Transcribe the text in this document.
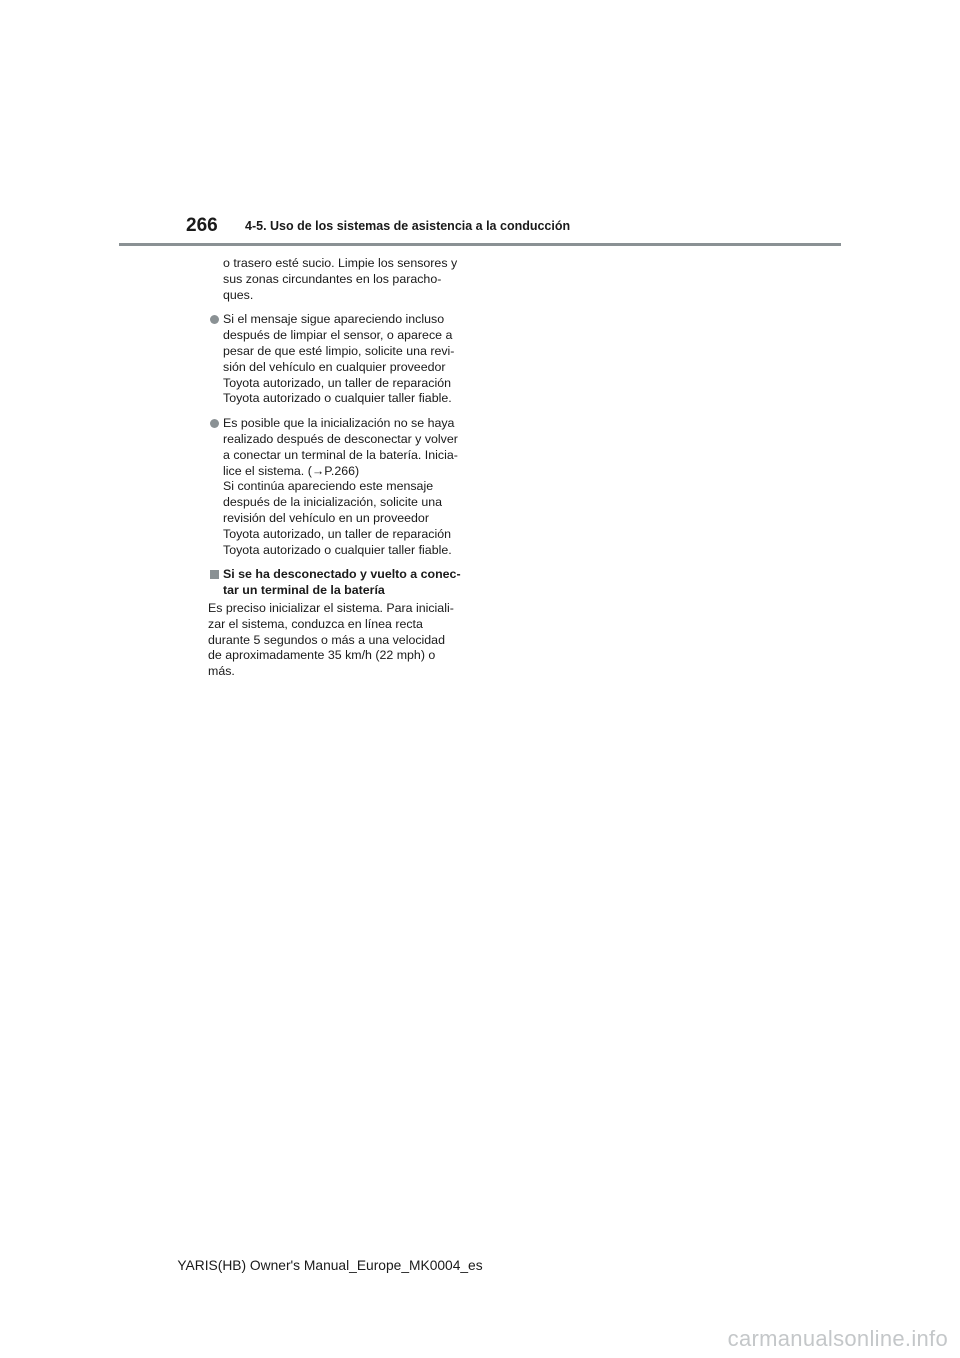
266 4-5. Uso de los sistemas de asistencia a la conducción

o trasero esté sucio. Limpie los sensores y
sus zonas circundantes en los paracho-
ques.

Si el mensaje sigue apareciendo incluso
después de limpiar el sensor, o aparece a
pesar de que esté limpio, solicite una revi-
sión del vehículo en cualquier proveedor
Toyota autorizado, un taller de reparación
Toyota autorizado o cualquier taller fiable.
Es posible que la inicialización no se haya
realizado después de desconectar y volver
a conectar un terminal de la batería. Inicia-
lice el sistema. (→P.266)
Si continúa apareciendo este mensaje
después de la inicialización, solicite una
revisión del vehículo en un proveedor
Toyota autorizado, un taller de reparación
Toyota autorizado o cualquier taller fiable.
Si se ha desconectado y vuelto a conec-
tar un terminal de la batería

Es preciso inicializar el sistema. Para iniciali-
zar el sistema, conduzca en línea recta
durante 5 segundos o más a una velocidad
de aproximadamente 35 km/h (22 mph) o
más.

YARIS(HB) Owner's Manual_Europe_MK0004_es
carmanualsonline.info
